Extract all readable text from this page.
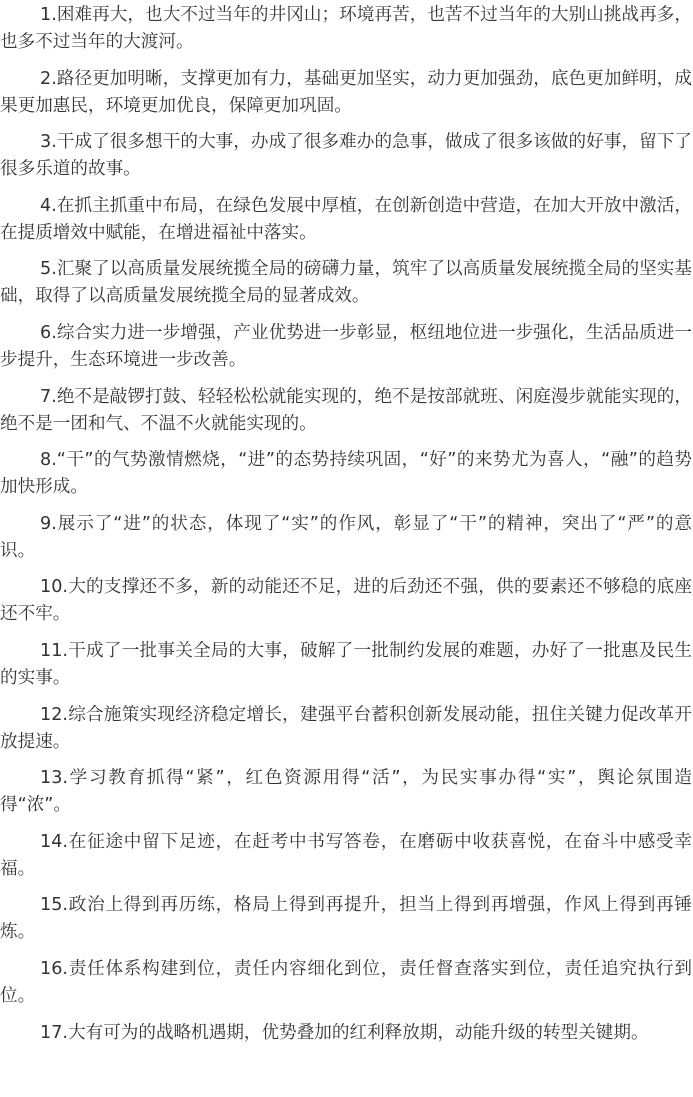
1.困难再大，也大不过当年的井冈山；环境再苦，也苦不过当年的大别山挑战再多，也多不过当年的大渡河。

2.路径更加明晰，支撑更加有力，基础更加坚实，动力更加强劲，底色更加鲜明，成果更加惠民，环境更加优良，保障更加巩固。

3.干成了很多想干的大事，办成了很多难办的急事，做成了很多该做的好事，留下了很多乐道的故事。

4.在抓主抓重中布局，在绿色发展中厚植，在创新创造中营造，在加大开放中激活，在提质增效中赋能，在增进福祉中落实。

5.汇聚了以高质量发展统揽全局的磅礴力量，筑牢了以高质量发展统揽全局的坚实基础，取得了以高质量发展统揽全局的显著成效。

6.综合实力进一步增强，产业优势进一步彰显，枢纽地位进一步强化，生活品质进一步提升，生态环境进一步改善。

7.绝不是敲锣打鼓、轻轻松松就能实现的，绝不是按部就班、闲庭漫步就能实现的，绝不是一团和气、不温不火就能实现的。

8.“干”的气势激情燃烧，“进”的态势持续巩固，“好”的来势尤为喜人，“融”的趋势加快形成。

9.展示了“进”的状态，体现了“实”的作风，彰显了“干”的精神，突出了“严”的意识。

10.大的支撑还不多，新的动能还不足，进的后劲还不强，供的要素还不够稳的底座还不牢。

11.干成了一批事关全局的大事，破解了一批制约发展的难题，办好了一批惠及民生的实事。

12.综合施策实现经济稳定增长，建强平台蓄积创新发展动能，扭住关键力促改革开放提速。

13.学习教育抓得“紧”，红色资源用得“活”，为民实事办得“实”，舆论氛围造得“浓”。

14.在征途中留下足迹，在赶考中书写答卷，在磨砺中收获喜悦，在奋斗中感受幸福。

15.政治上得到再历练，格局上得到再提升，担当上得到再增强，作风上得到再锤炼。

16.责任体系构建到位，责任内容细化到位，责任督查落实到位，责任追究执行到位。

17.大有可为的战略机遇期，优势叠加的红利释放期，动能升级的转型关键期。
